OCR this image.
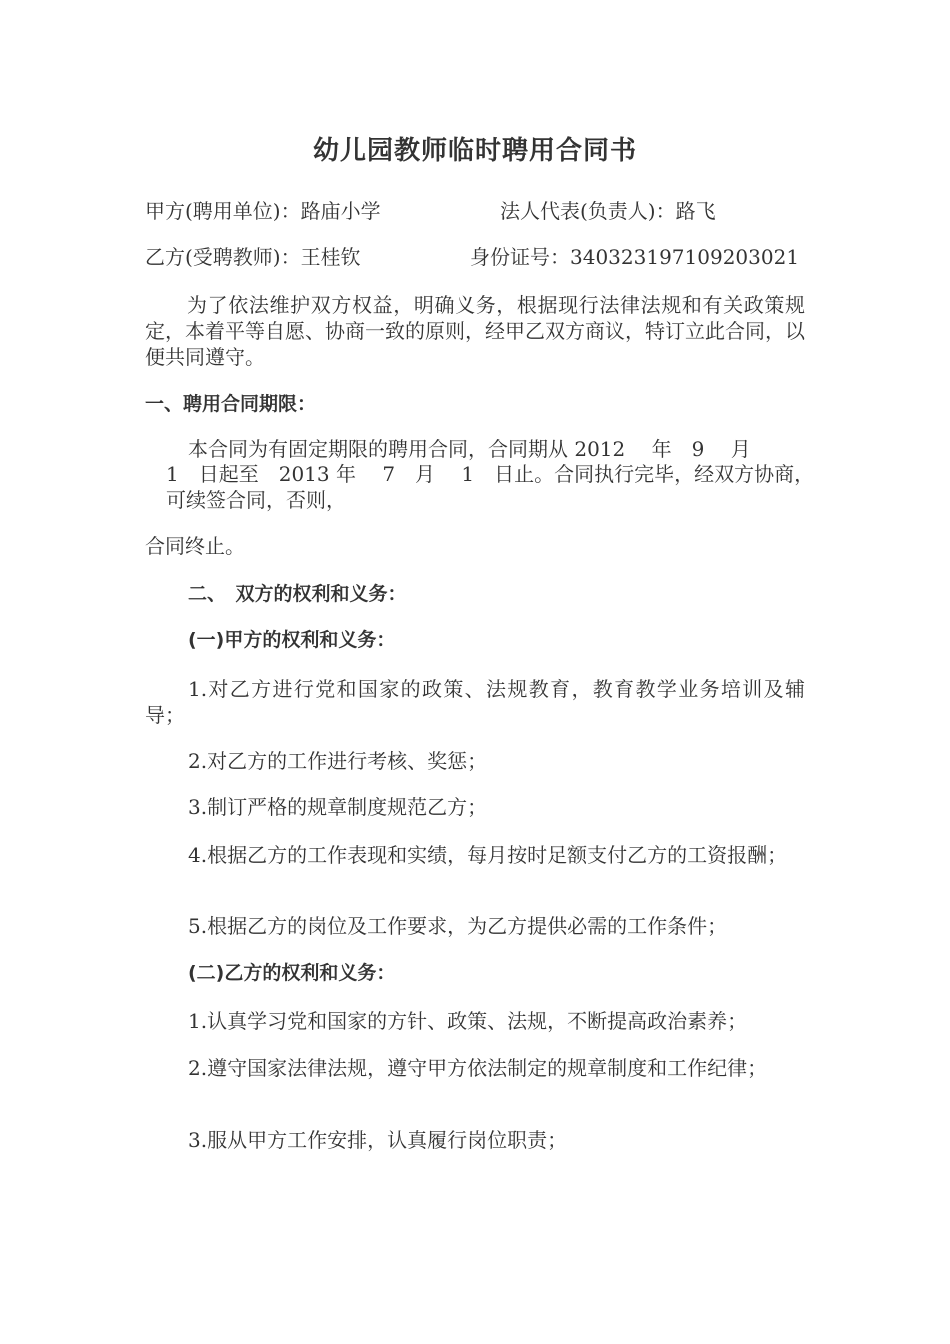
幼儿园教师临时聘用合同书
甲方(聘用单位)：路庙小学	法人代表(负责人)：路飞
乙方(受聘教师)：王桂钦	身份证号：340323197109203021
为了依法维护双方权益，明确义务，根据现行法律法规和有关政策规定，本着平等自愿、协商一致的原则，经甲乙双方商议，特订立此合同，以便共同遵守。
一、聘用合同期限：
本合同为有固定期限的聘用合同，合同期从 2012　 年　9　 月
1　日起至　2013 年　 7　月　 1　日止。合同执行完毕，经双方协商，
可续签合同，否则，
合同终止。
二、　双方的权利和义务：
(一)甲方的权利和义务：
1.对乙方进行党和国家的政策、法规教育，教育教学业务培训及辅导；
2.对乙方的工作进行考核、奖惩；
3.制订严格的规章制度规范乙方；
4.根据乙方的工作表现和实绩，每月按时足额支付乙方的工资报酬；
5.根据乙方的岗位及工作要求，为乙方提供必需的工作条件；
(二)乙方的权利和义务：
1.认真学习党和国家的方针、政策、法规，不断提高政治素养；
2.遵守国家法律法规，遵守甲方依法制定的规章制度和工作纪律；
3.服从甲方工作安排，认真履行岗位职责；
